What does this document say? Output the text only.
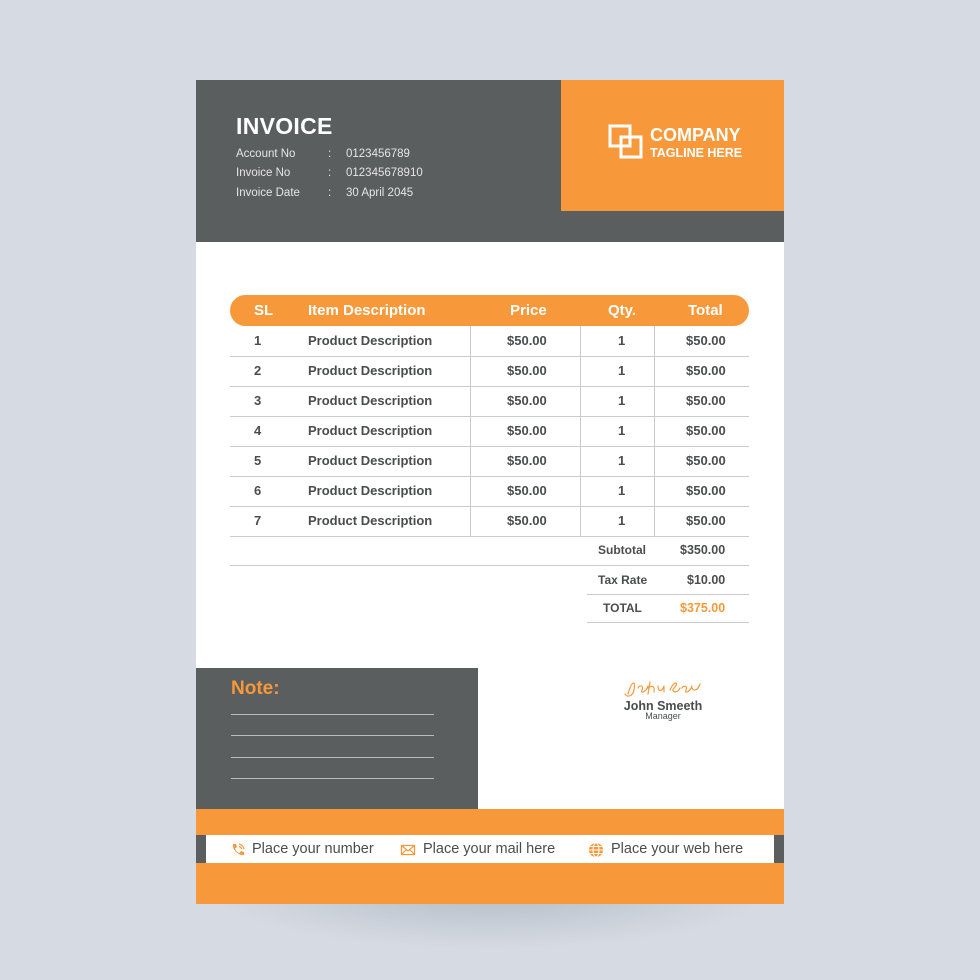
INVOICE
Account No	: 0123456789
Invoice No	: 012345678910
Invoice Date : 30 April 2045
COMPANY
TAGLINE HERE
SL Item Description	Price	Qty.	Total
1	Product Description	$50.00	1	$50.00
2	Product Description	$50.00	1	$50.00
3	Product Description	$50.00	1	$50.00
4	Product Description	$50.00	1	$50.00
5	Product Description	$50.00	1	$50.00
6	Product Description	$50.00	1	$50.00
7	Product Description	$50.00	1	$50.00
Subtotal	$350.00
Tax Rate	$10.00
TOTAL	$375.00
Note:
John Smeeth
Manager
Place your number	Place your mail here	Place your web here
